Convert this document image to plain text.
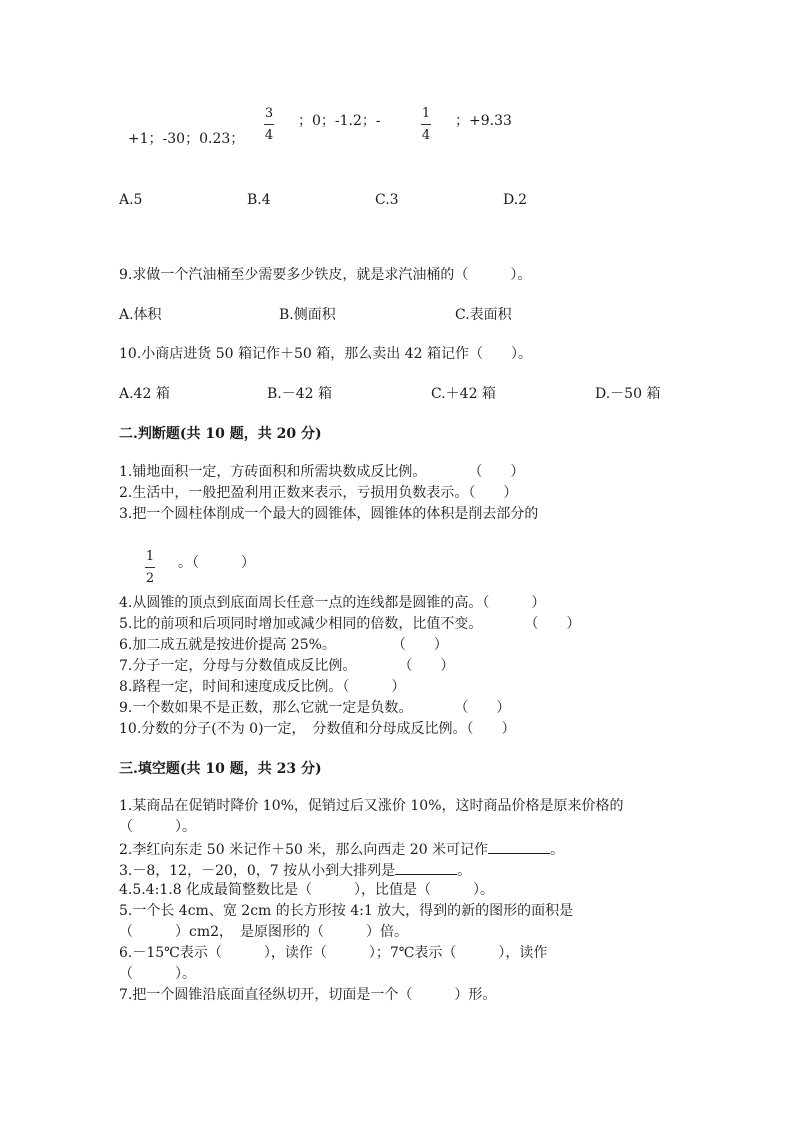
+1；-30；0.23；

3
4
；0；-1.2；-	1
4
；+9.33
A.5	B.4	C.3	D.2
9.求做一个汽油桶至少需要多少铁皮，就是求汽油桶的（　　　）。
A.体积	B.侧面积	C.表面积
10.小商店进货 50 箱记作＋50 箱，那么卖出 42 箱记作（　　）。
A.42 箱	B.－42 箱	C.＋42 箱	D.－50 箱
二.判断题(共 10 题，共 20 分)
1.铺地面积一定，方砖面积和所需块数成反比例。　　　　（　　）
2.生活中，一般把盈利用正数来表示，亏损用负数表示。（　　）
3.把一个圆柱体削成一个最大的圆锥体，圆锥体的体积是削去部分的
1
2
。（　　　）
4.从圆锥的顶点到底面周长任意一点的连线都是圆锥的高。（　　　）
5.比的前项和后项同时增加或减少相同的倍数，比值不变。　　　　（　　）
6.加二成五就是按进价提高 25%。　　　　　（　　）
7.分子一定，分母与分数值成反比例。　　　　（　　）
8.路程一定，时间和速度成反比例。（　　　）
9.一个数如果不是正数，那么它就一定是负数。　　　　（　　）
10.分数的分子(不为 0)一定，　分数值和分母成反比例。（　　）
三.填空题(共 10 题，共 23 分)
1.某商品在促销时降价 10%，促销过后又涨价 10%，这时商品价格是原来价格的
（　　　）。
2.李红向东走 50 米记作＋50 米，那么向西走 20 米可记作	。
3.－8，12，－20，0，7 按从小到大排列是	。
4.5.4:1.8 化成最简整数比是（　　　），比值是（　　　）。
5.一个长 4cm、宽 2cm 的长方形按 4:1 放大，得到的新的图形的面积是
（　　　）cm2，　是原图形的（　　　）倍。
6.－15℃表示（　　　），读作（　　　）；7℃表示（　　　），读作
（　　　）。
7.把一个圆锥沿底面直径纵切开，切面是一个（　　　）形。
